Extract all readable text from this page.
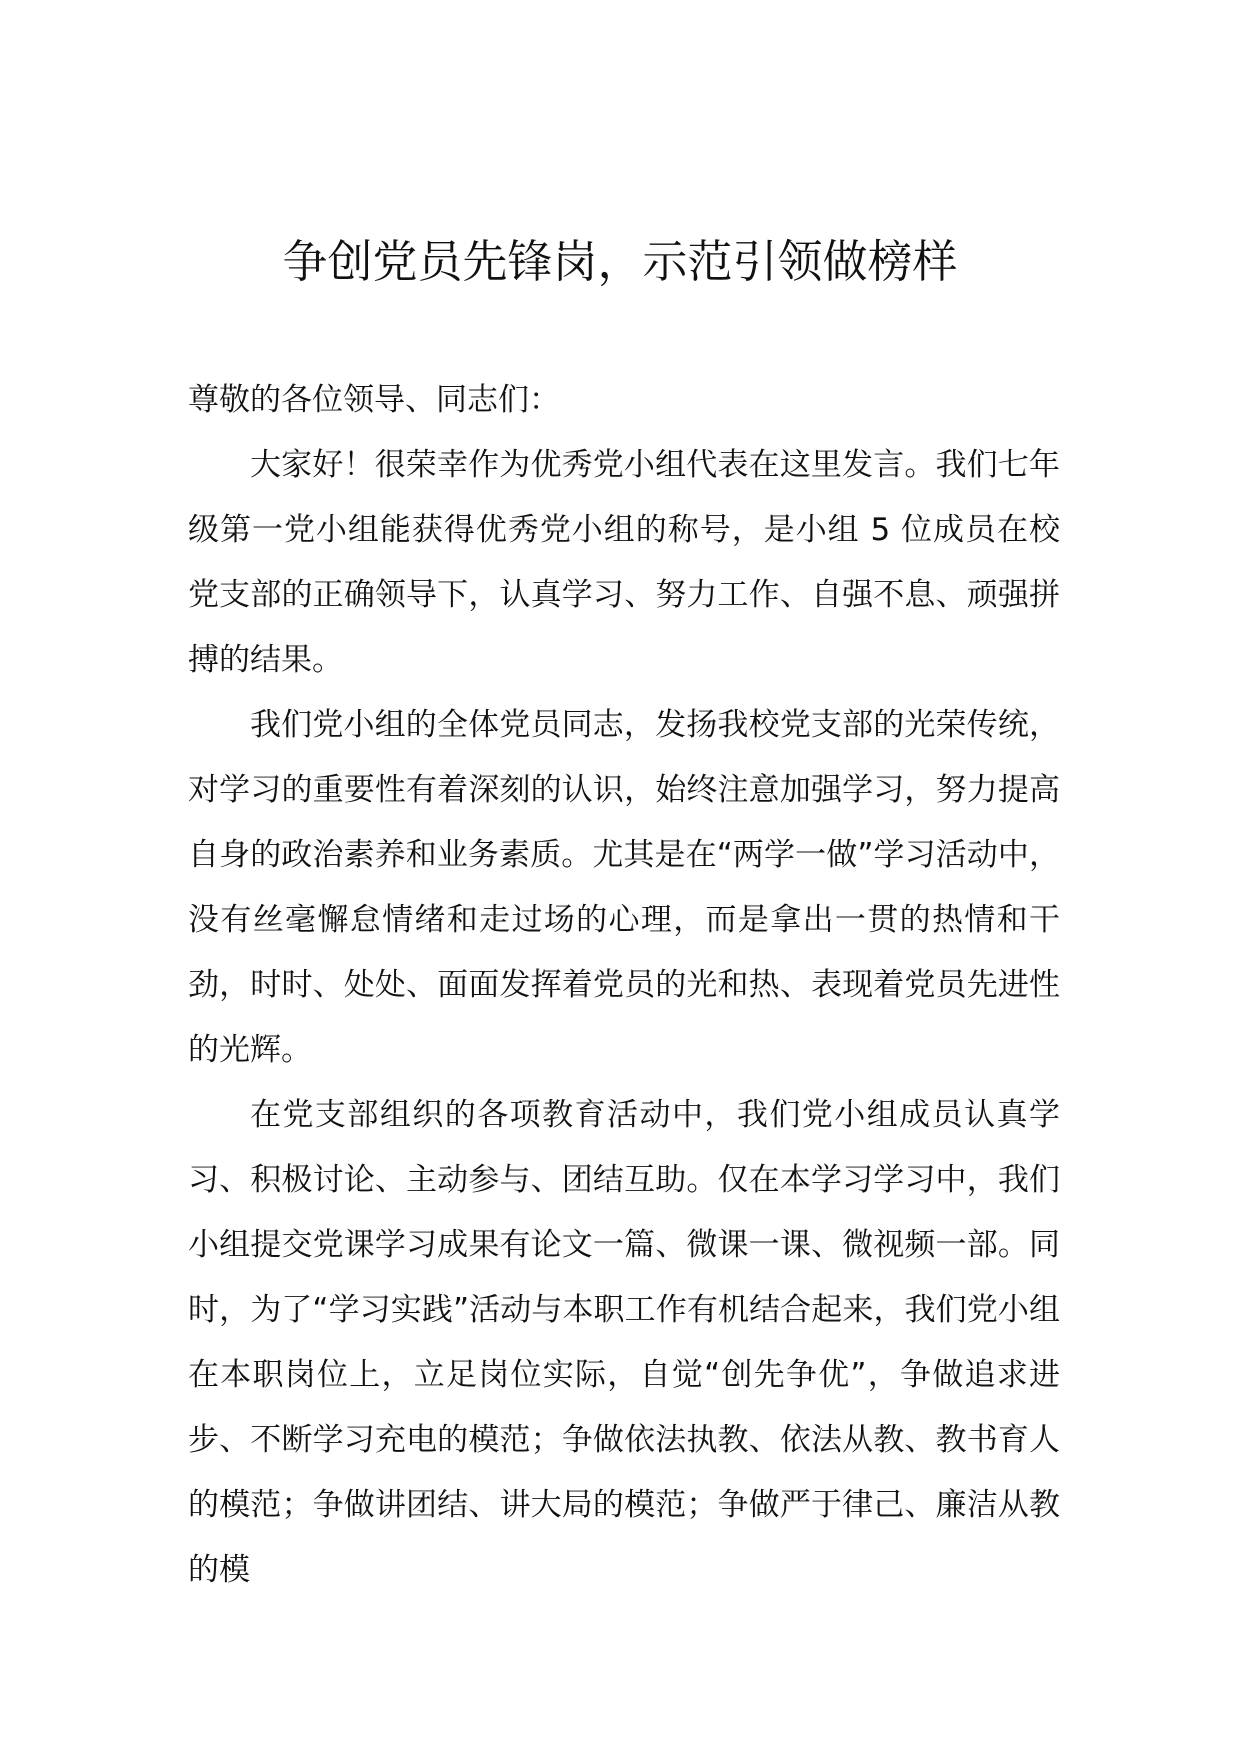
争创党员先锋岗，示范引领做榜样

尊敬的各位领导、同志们：

大家好！很荣幸作为优秀党小组代表在这里发言。我们七年级第一党小组能获得优秀党小组的称号，是小组 5 位成员在校党支部的正确领导下，认真学习、努力工作、自强不息、顽强拼搏的结果。

我们党小组的全体党员同志，发扬我校党支部的光荣传统，对学习的重要性有着深刻的认识，始终注意加强学习，努力提高自身的政治素养和业务素质。尤其是在“两学一做”学习活动中，没有丝毫懈怠情绪和走过场的心理，而是拿出一贯的热情和干劲，时时、处处、面面发挥着党员的光和热、表现着党员先进性的光辉。

在党支部组织的各项教育活动中，我们党小组成员认真学习、积极讨论、主动参与、团结互助。仅在本学习学习中，我们小组提交党课学习成果有论文一篇、微课一课、微视频一部。同时，为了“学习实践”活动与本职工作有机结合起来，我们党小组在本职岗位上，立足岗位实际，自觉“创先争优”，争做追求进步、不断学习充电的模范；争做依法执教、依法从教、教书育人的模范；争做讲团结、讲大局的模范；争做严于律己、廉洁从教的模
